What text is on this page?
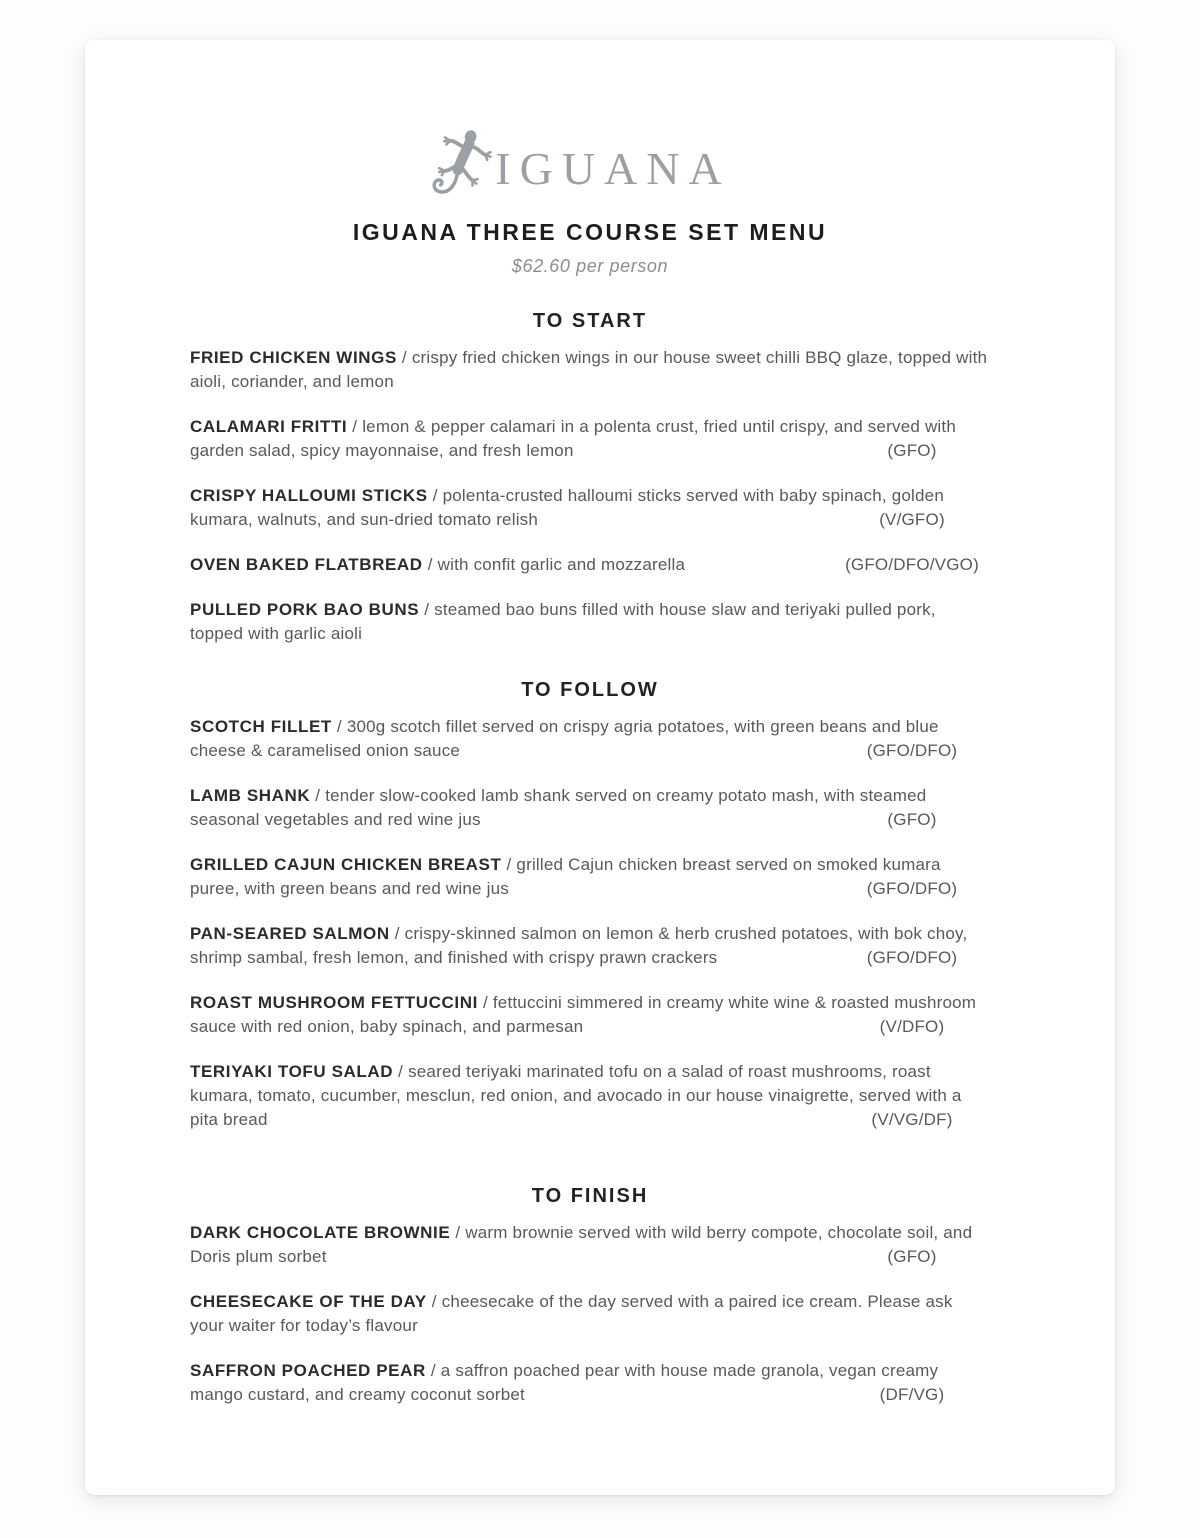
IGUANA
IGUANA THREE COURSE SET MENU
$62.60 per person
TO START

FRIED CHICKEN WINGS / crispy fried chicken wings in our house sweet chilli BBQ glaze, topped with aioli, coriander, and lemon

CALAMARI FRITTI / lemon & pepper calamari in a polenta crust, fried until crispy, and served with garden salad, spicy mayonnaise, and fresh lemon	(GFO)

CRISPY HALLOUMI STICKS / polenta-crusted halloumi sticks served with baby spinach, golden kumara, walnuts, and sun-dried tomato relish	(V/GFO)

OVEN BAKED FLATBREAD / with confit garlic and mozzarella	(GFO/DFO/VGO)

PULLED PORK BAO BUNS / steamed bao buns filled with house slaw and teriyaki pulled pork, topped with garlic aioli

TO FOLLOW

SCOTCH FILLET / 300g scotch fillet served on crispy agria potatoes, with green beans and blue cheese & caramelised onion sauce	(GFO/DFO)

LAMB SHANK / tender slow-cooked lamb shank served on creamy potato mash, with steamed seasonal vegetables and red wine jus	(GFO)

GRILLED CAJUN CHICKEN BREAST / grilled Cajun chicken breast served on smoked kumara puree, with green beans and red wine jus	(GFO/DFO)

PAN-SEARED SALMON / crispy-skinned salmon on lemon & herb crushed potatoes, with bok choy, shrimp sambal, fresh lemon, and finished with crispy prawn crackers	(GFO/DFO)

ROAST MUSHROOM FETTUCCINI / fettuccini simmered in creamy white wine & roasted mushroom sauce with red onion, baby spinach, and parmesan	(V/DFO)

TERIYAKI TOFU SALAD / seared teriyaki marinated tofu on a salad of roast mushrooms, roast kumara, tomato, cucumber, mesclun, red onion, and avocado in our house vinaigrette, served with a pita bread	(V/VG/DF)
TO FINISH

DARK CHOCOLATE BROWNIE / warm brownie served with wild berry compote, chocolate soil, and Doris plum sorbet	(GFO)

CHEESECAKE OF THE DAY / cheesecake of the day served with a paired ice cream. Please ask your waiter for today’s flavour

SAFFRON POACHED PEAR / a saffron poached pear with house made granola, vegan creamy mango custard, and creamy coconut sorbet	(DF/VG)
